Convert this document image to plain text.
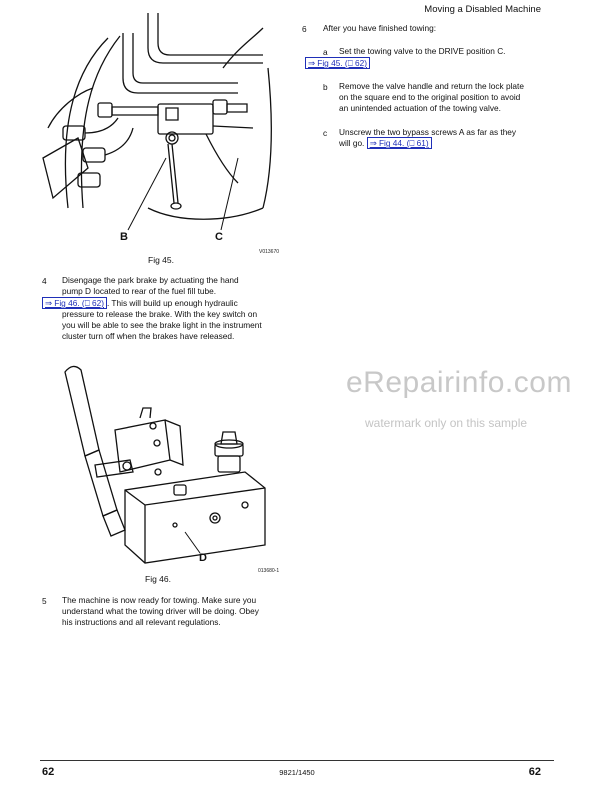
Moving a Disabled Machine
B	C
V013670
Fig 45.
6 After you have finished towing:
a Set the towing valve to the DRIVE position C.
⇒ Fig 45. (⎕ 62)
b Remove the valve handle and return the lock plate
on the square end to the original position to avoid
an unintended actuation of the towing valve.
c Unscrew the two bypass screws A as far as they
will go. ⇒ Fig 44. (⎕ 61)
4 Disengage the park brake by actuating the hand
pump D located to rear of the fuel fill tube.
⇒ Fig 46. (⎕ 62) . This will build up enough hydraulic
pressure to release the brake. With the key switch on
you will be able to see the brake light in the instrument
cluster turn off when the brakes have released.
D
013680-1
Fig 46.
5 The machine is now ready for towing. Make sure you
understand what the towing driver will be doing. Obey
his instructions and all relevant regulations.
eRepairinfo.com
watermark only on this sample
62	9821/1450	62
